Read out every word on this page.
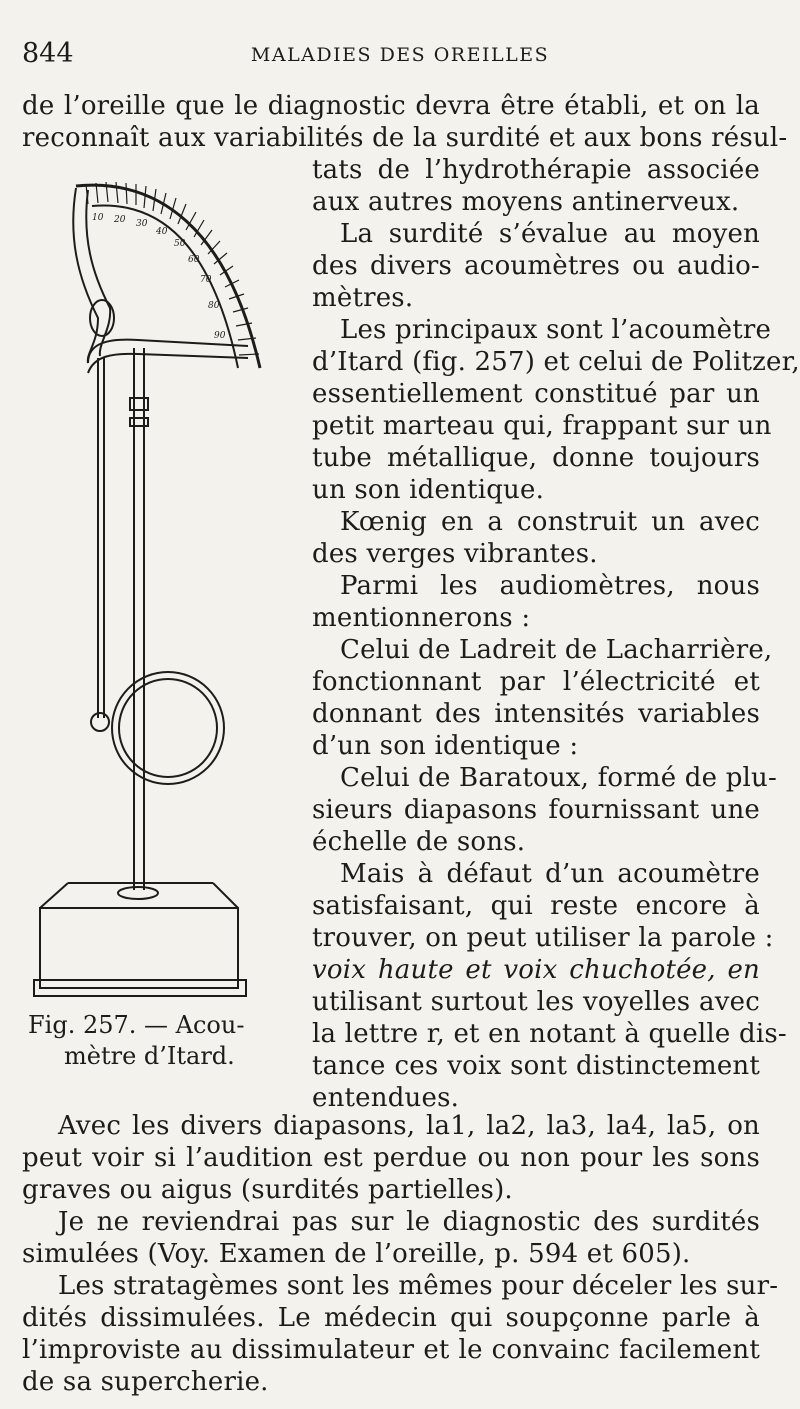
844	MALADIES DES OREILLES

de l’oreille que le diagnostic devra être établi, et on la

reconnaît aux variabilités de la surdité et aux bons résul-

tats de l’hydrothérapie associée

aux autres moyens antinerveux.

La surdité s’évalue au moyen

des divers acoumètres ou audio-

mètres.

Les principaux sont l’acoumètre

d’Itard (fig. 257) et celui de Politzer,

essentiellement constitué par un

petit marteau qui, frappant sur un

tube métallique, donne toujours

un son identique.

Kœnig en a construit un avec

des verges vibrantes.

Parmi les audiomètres, nous

mentionnerons :

Celui de Ladreit de Lacharrière,

fonctionnant par l’électricité et

donnant des intensités variables

d’un son identique :

Celui de Baratoux, formé de plu-

sieurs diapasons fournissant une

échelle de sons.

Mais à défaut d’un acoumètre

satisfaisant, qui reste encore à

trouver, on peut utiliser la parole :

voix haute et voix chuchotée, en

utilisant surtout les voyelles avec

la lettre r, et en notant à quelle dis-

tance ces voix sont distinctement

entendues.

Avec les divers diapasons, la1, la2, la3, la4, la5, on

peut voir si l’audition est perdue ou non pour les sons

graves ou aigus (surdités partielles).

Je ne reviendrai pas sur le diagnostic des surdités

simulées (Voy. Examen de l’oreille, p. 594 et 605).

Les stratagèmes sont les mêmes pour déceler les sur-

dités dissimulées. Le médecin qui soupçonne parle à

l’improviste au dissimulateur et le convainc facilement

de sa supercherie.

10 20 30
40
50
60
70
80
90
Fig. 257. — Acou-
mètre d’Itard.
